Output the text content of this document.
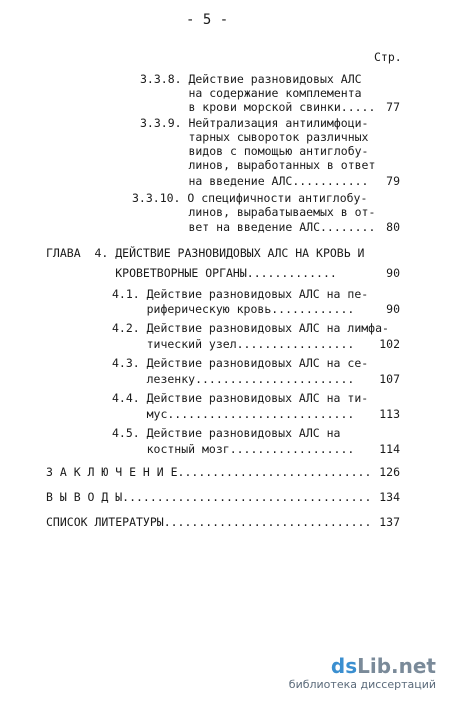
- 5 -
Стр.
3.3.8. Действие разновидовых АЛС
на содержание комплемента
в крови морской свинки..... 77
3.3.9. Нейтрализация антилимфоци-
тарных сывороток различных
видов с помощью антиглобу-
линов, выработанных в ответ
на введение АЛС...........	79
3.3.10. О специфичности антиглобу-
линов, вырабатываемых в от-
вет на введение АЛС........ 80
ГЛАВА  4. ДЕЙСТВИЕ РАЗНОВИДОВЫХ АЛС НА КРОВЬ И
КРОВЕТВОРНЫЕ ОРГАНЫ.............	90
4.1. Действие разновидовых АЛС на пе-
риферическую кровь............	90
4.2. Действие разновидовых АЛС на лимфа-
тический узел.................	102
4.3. Действие разновидовых АЛС на се-
лезенку.......................	107
4.4. Действие разновидовых АЛС на ти-
мус...........................	113
4.5. Действие разновидовых АЛС на
костный мозг..................	114
З А К Л Ю Ч Е Н И Е............................ 126
В Ы В О Д Ы.................................... 134
СПИСОК ЛИТЕРАТУРЫ.............................. 137
dsLib.net
библиотека диссертаций
